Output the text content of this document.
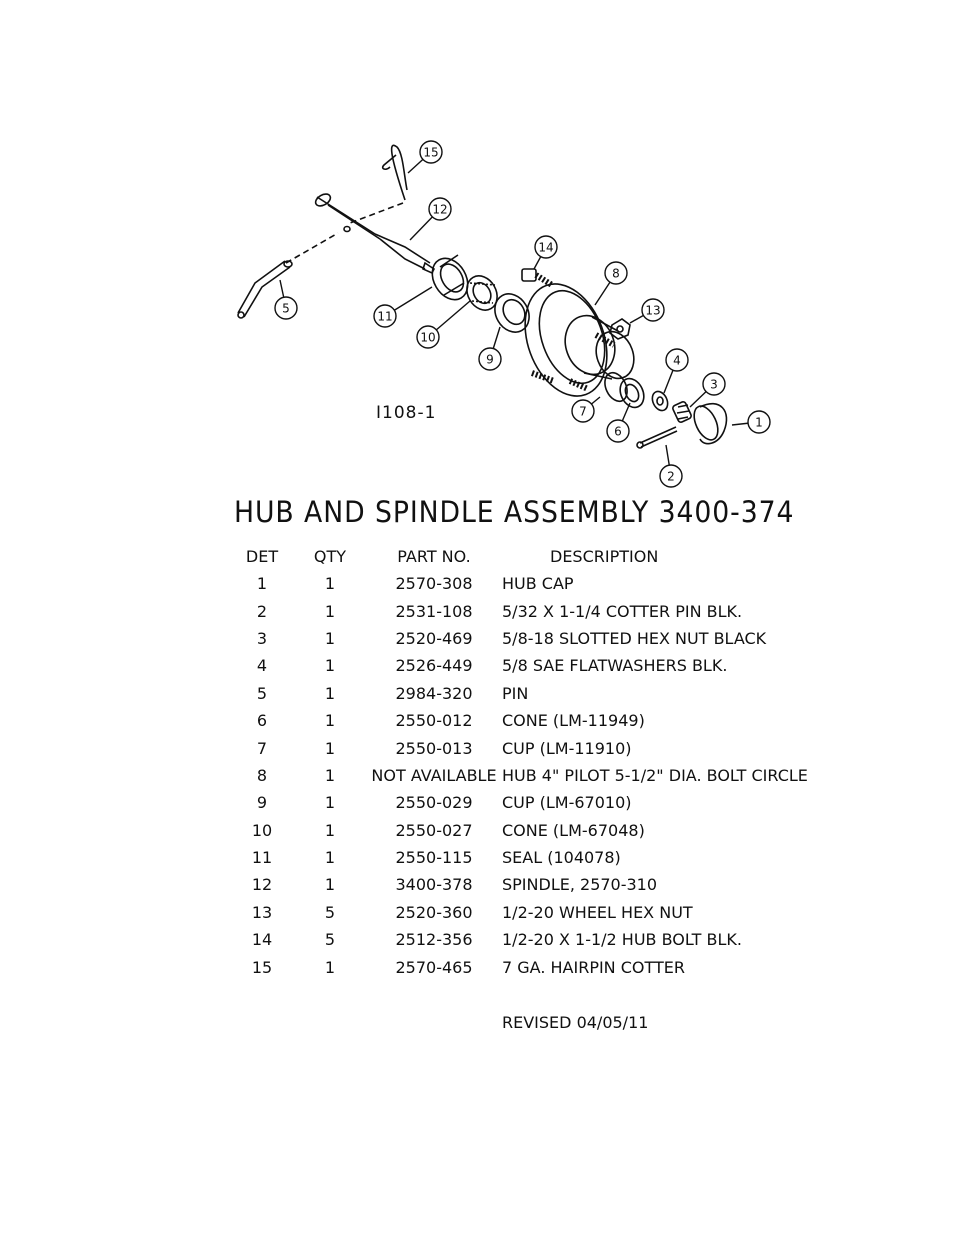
1
2
3
4
5
6
7
8
9
10
11
12
13
14
15
I108-1
HUB AND SPINDLE ASSEMBLY 3400-374
DET	QTY	PART NO.	DESCRIPTION
1	1	2570-308	HUB CAP
2	1	2531-108	5/32 X 1-1/4 COTTER PIN BLK.
3	1	2520-469	5/8-18 SLOTTED HEX NUT BLACK
4	1	2526-449	5/8 SAE FLATWASHERS BLK.
5	1	2984-320	PIN
6	1	2550-012	CONE (LM-11949)
7	1	2550-013	CUP (LM-11910)
8	1	NOT AVAILABLE	HUB 4" PILOT 5-1/2" DIA. BOLT CIRCLE
9	1	2550-029	CUP (LM-67010)
10	1	2550-027	CONE (LM-67048)
11	1	2550-115	SEAL (104078)
12	1	3400-378	SPINDLE, 2570-310
13	5	2520-360	1/2-20 WHEEL HEX NUT
14	5	2512-356	1/2-20 X 1-1/2 HUB BOLT BLK.
15	1	2570-465	7 GA. HAIRPIN COTTER
REVISED 04/05/11
